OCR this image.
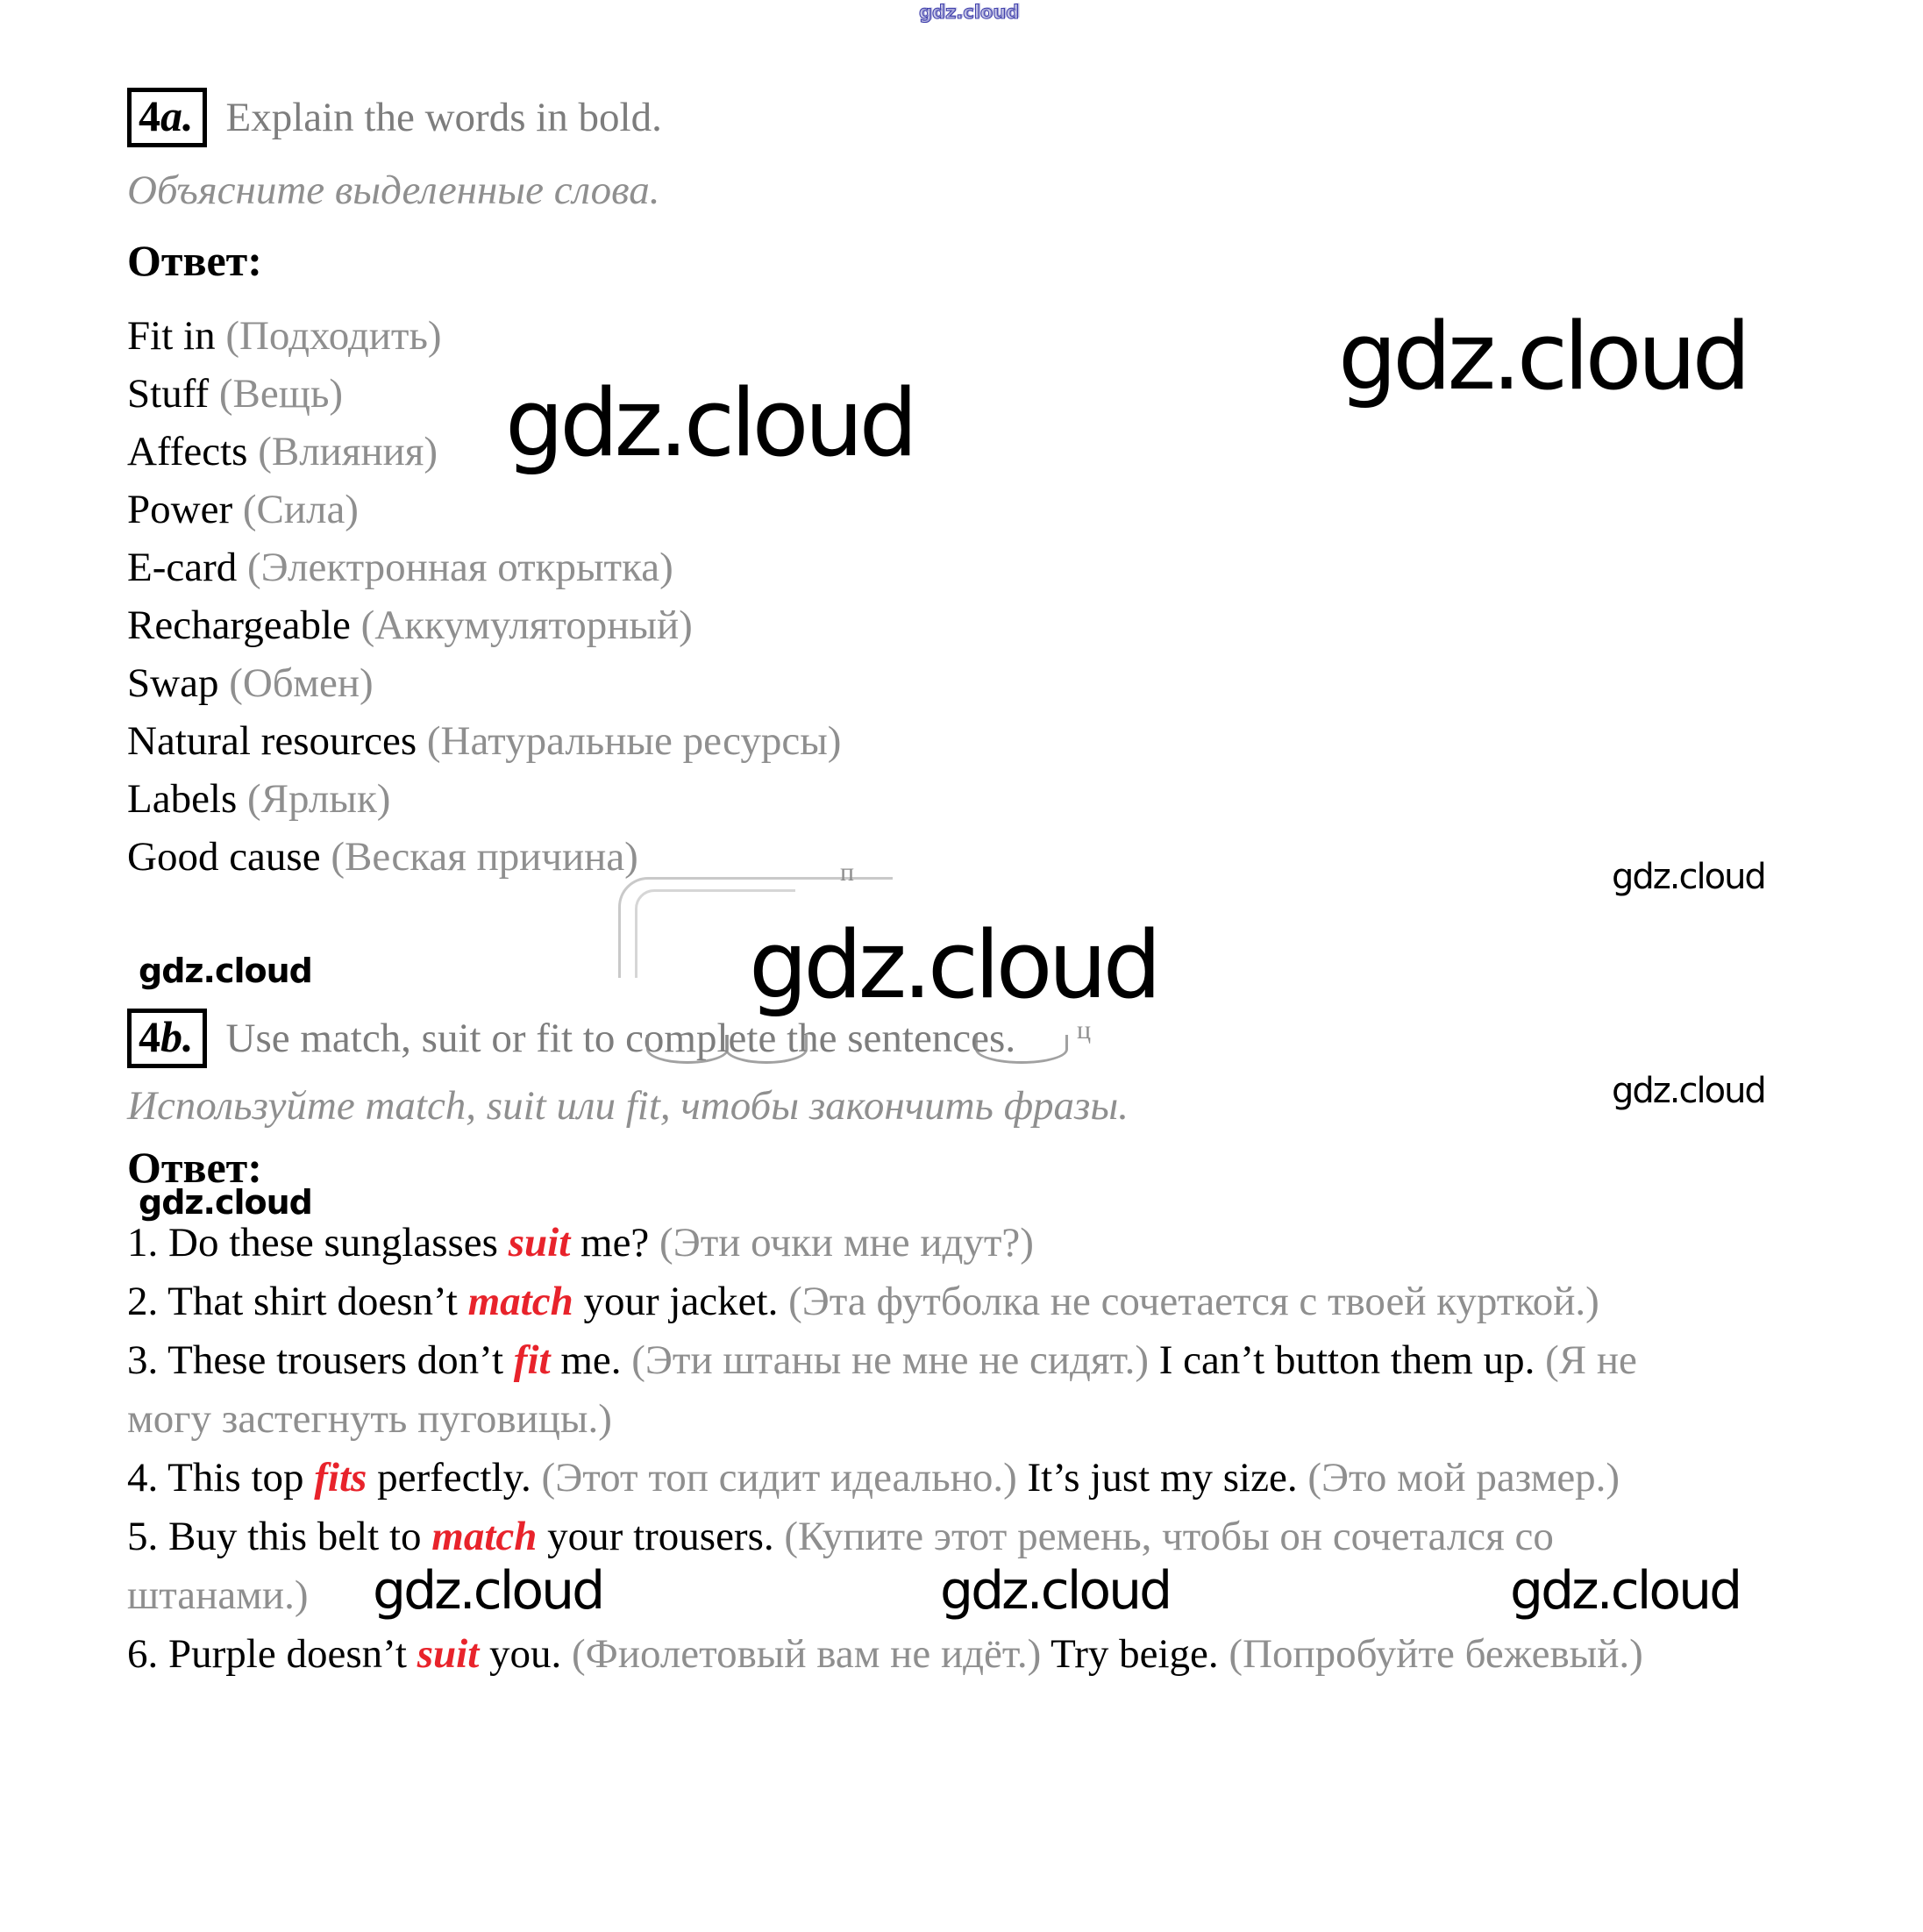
gdz.cloud
gdz.cloud
gdz.cloud
gdz.cloud
gdz.cloud	gdz.cloud
gdz.cloud
gdz.cloud
gdz.cloud	gdz.cloud	gdz.cloud
п
ц
4a. Explain the words in bold.
Объясните выделенные слова.
Ответ:
Fit in (Подходить)
Stuff (Вещь)
Affects (Влияния)
Power (Сила)
E-card (Электронная открытка)
Rechargeable (Аккумуляторный)
Swap (Обмен)
Natural resources (Натуральные ресурсы)
Labels (Ярлык)
Good cause (Веская причина)
4b. Use match, suit or fit to complete the sentences.
Используйте match, suit или fit, чтобы закончить фразы.
Ответ:

1. Do these sunglasses suit me? (Эти очки мне идут?)

2. That shirt doesn’t match your jacket. (Эта футболка не сочетается с твоей курткой.)

3. These trousers don’t fit me. (Эти штаны не мне не сидят.) I can’t button them up. (Я не могу застегнуть пуговицы.)

4. This top fits perfectly. (Этот топ сидит идеально.) It’s just my size. (Это мой размер.)

5. Buy this belt to match your trousers. (Купите этот ремень, чтобы он сочетался со штанами.)

6. Purple doesn’t suit you. (Фиолетовый вам не идёт.) Try beige. (Попробуйте бежевый.)
